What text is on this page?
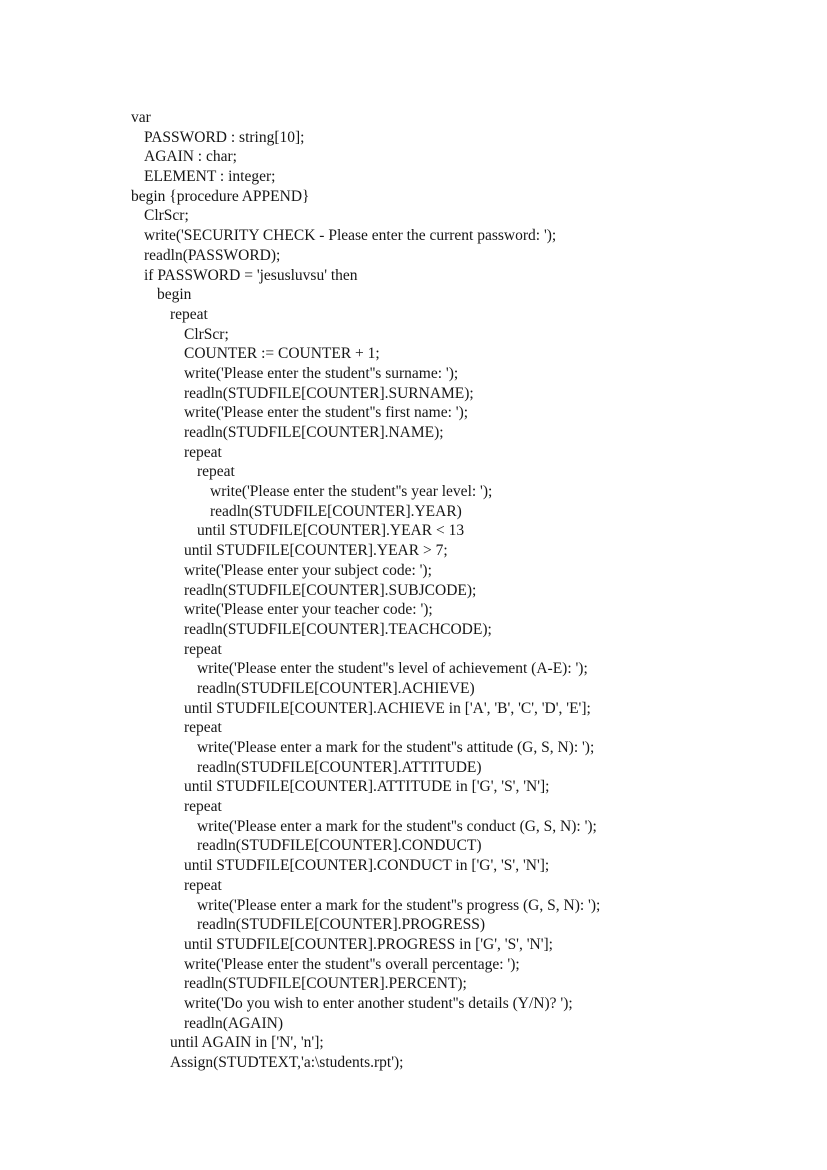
var
PASSWORD : string[10];
AGAIN : char;
ELEMENT : integer;
begin {procedure APPEND}
ClrScr;
write('SECURITY CHECK - Please enter the current password: ');
readln(PASSWORD);
if PASSWORD = 'jesusluvsu' then
begin
repeat
ClrScr;
COUNTER := COUNTER + 1;
write('Please enter the student''s surname: ');
readln(STUDFILE[COUNTER].SURNAME);
write('Please enter the student''s first name: ');
readln(STUDFILE[COUNTER].NAME);
repeat
repeat
write('Please enter the student''s year level: ');
readln(STUDFILE[COUNTER].YEAR)
until STUDFILE[COUNTER].YEAR < 13
until STUDFILE[COUNTER].YEAR > 7;
write('Please enter your subject code: ');
readln(STUDFILE[COUNTER].SUBJCODE);
write('Please enter your teacher code: ');
readln(STUDFILE[COUNTER].TEACHCODE);
repeat
write('Please enter the student''s level of achievement (A-E): ');
readln(STUDFILE[COUNTER].ACHIEVE)
until STUDFILE[COUNTER].ACHIEVE in ['A', 'B', 'C', 'D', 'E'];
repeat
write('Please enter a mark for the student''s attitude (G, S, N): ');
readln(STUDFILE[COUNTER].ATTITUDE)
until STUDFILE[COUNTER].ATTITUDE in ['G', 'S', 'N'];
repeat
write('Please enter a mark for the student''s conduct (G, S, N): ');
readln(STUDFILE[COUNTER].CONDUCT)
until STUDFILE[COUNTER].CONDUCT in ['G', 'S', 'N'];
repeat
write('Please enter a mark for the student''s progress (G, S, N): ');
readln(STUDFILE[COUNTER].PROGRESS)
until STUDFILE[COUNTER].PROGRESS in ['G', 'S', 'N'];
write('Please enter the student''s overall percentage: ');
readln(STUDFILE[COUNTER].PERCENT);
write('Do you wish to enter another student''s details (Y/N)? ');
readln(AGAIN)
until AGAIN in ['N', 'n'];
Assign(STUDTEXT,'a:\students.rpt');
